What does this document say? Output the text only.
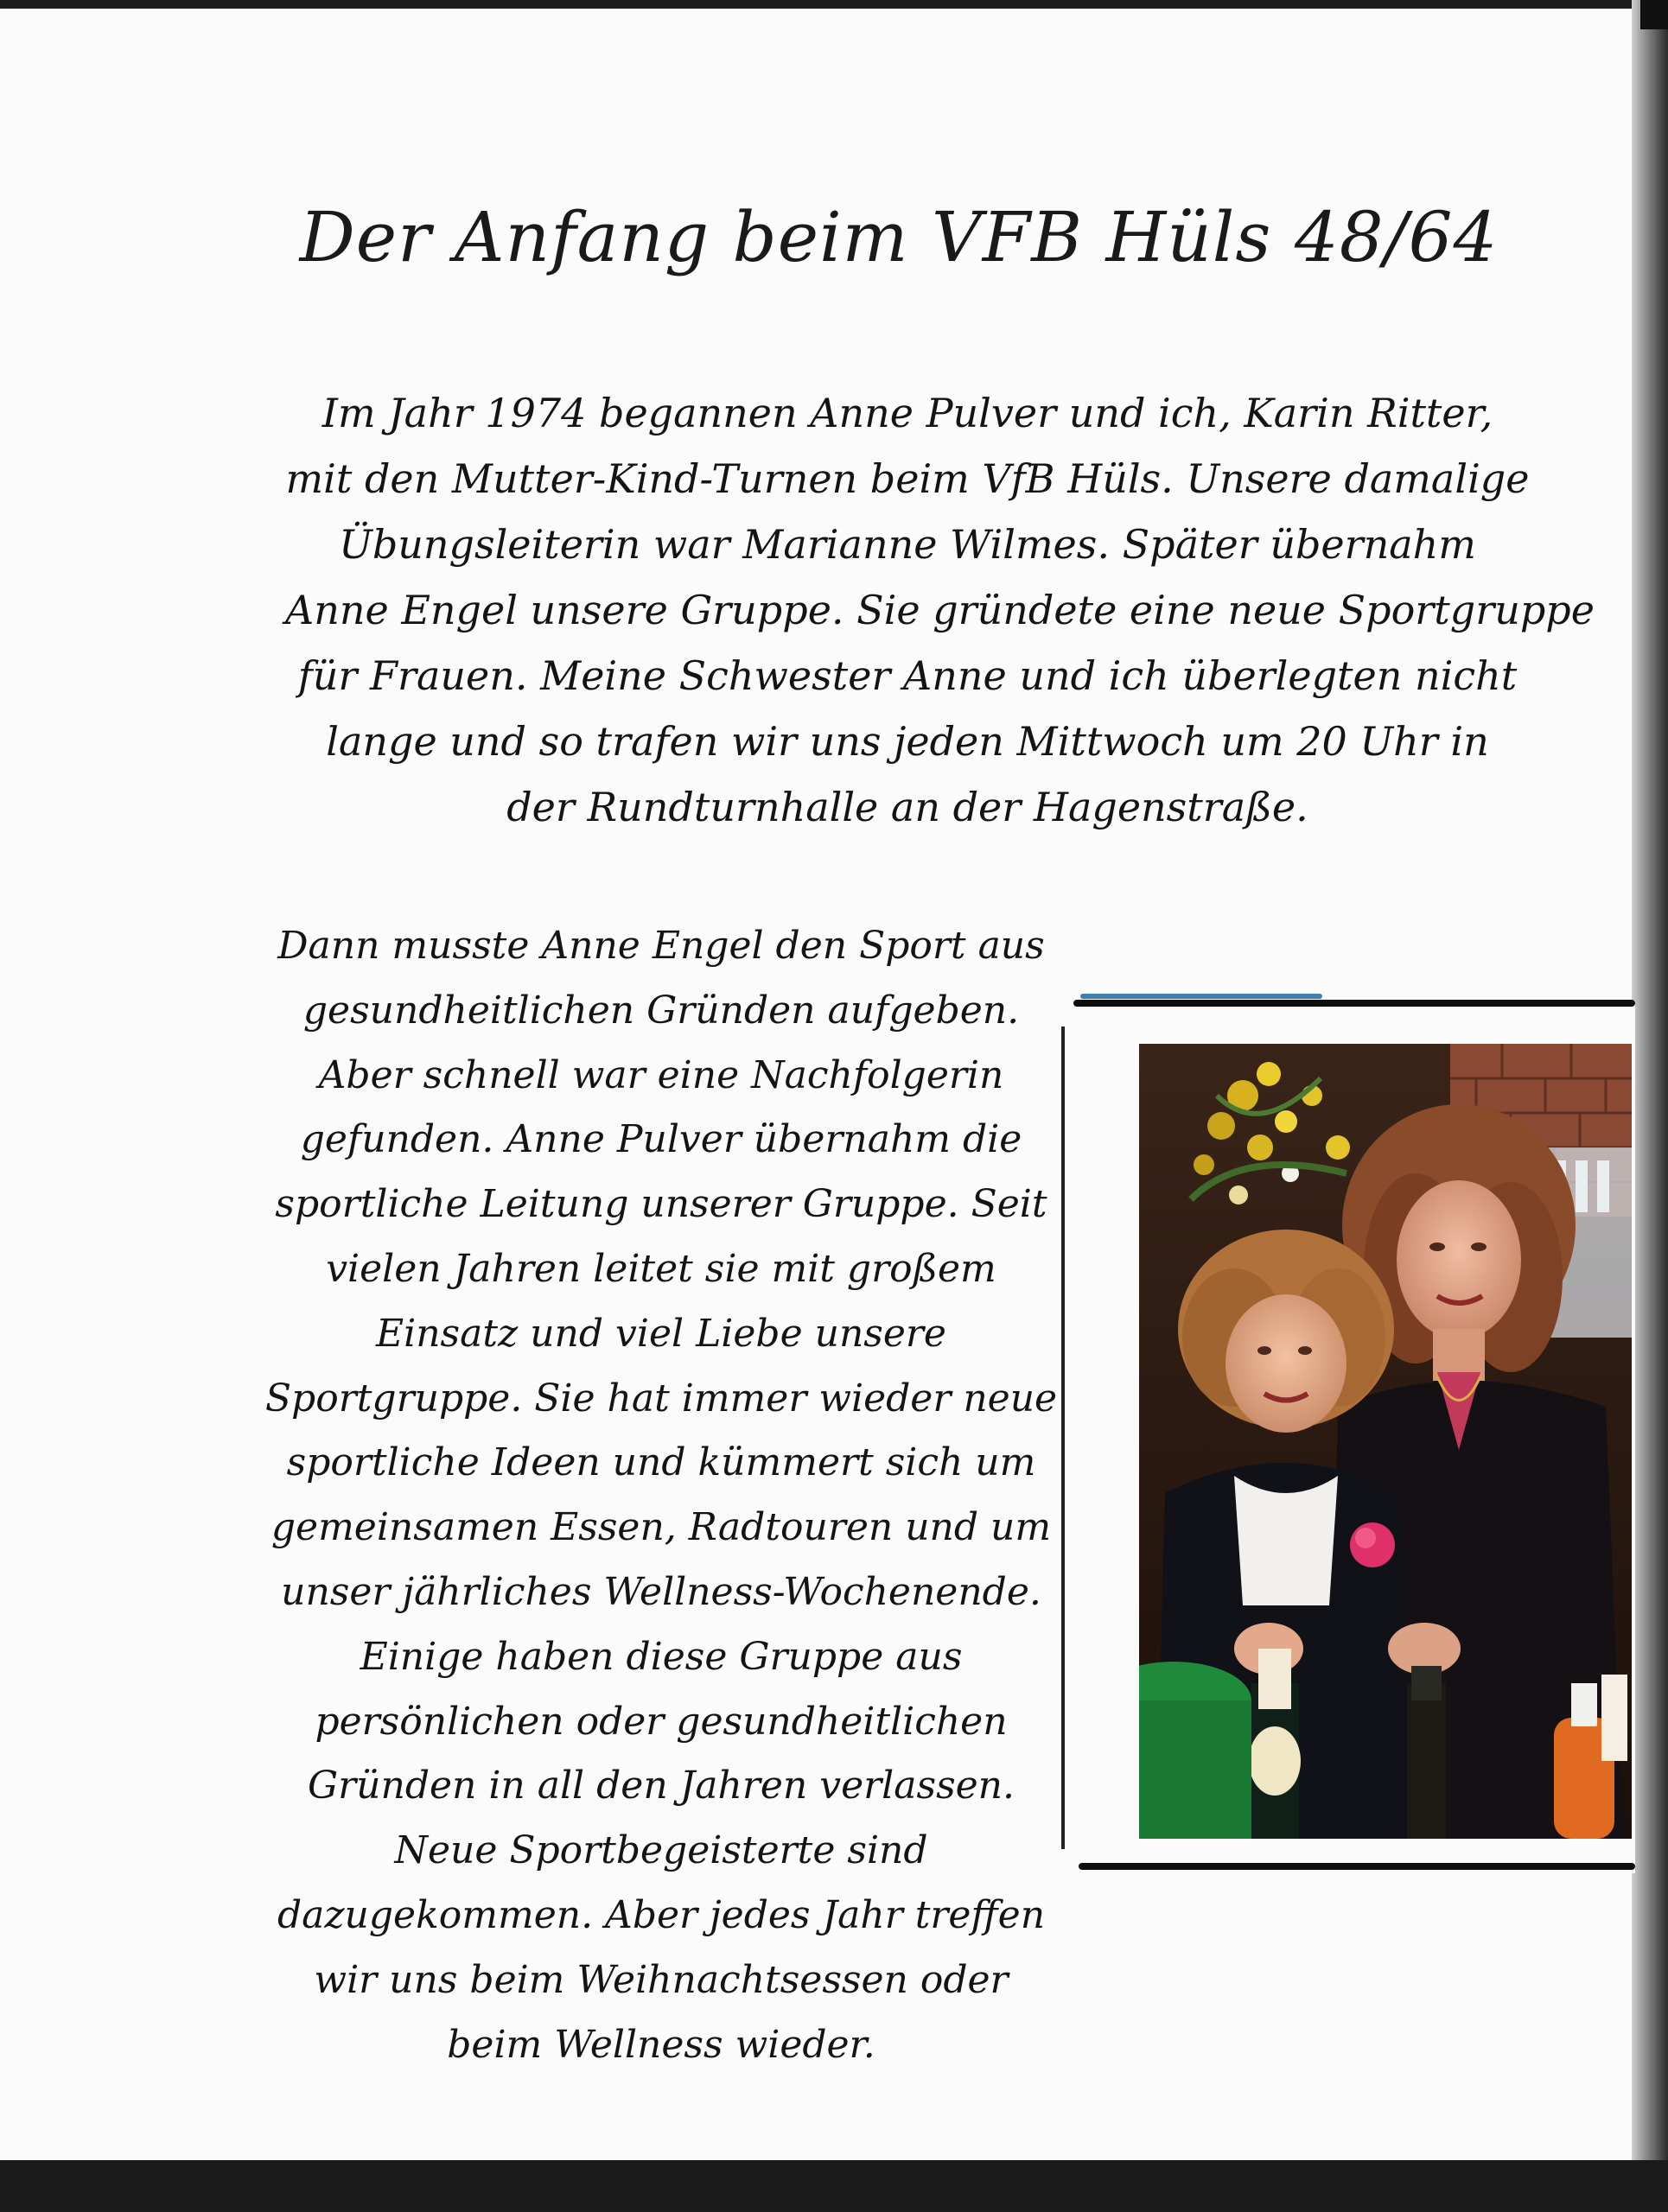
Der Anfang beim VFB Hüls 48/64
Im Jahr 1974 begannen Anne Pulver und ich, Karin Ritter,
mit den Mutter-Kind-Turnen beim VfB Hüls. Unsere damalige
Übungsleiterin war Marianne Wilmes. Später übernahm
Anne Engel unsere Gruppe. Sie gründete eine neue Sportgruppe
für Frauen. Meine Schwester Anne und ich überlegten nicht
lange und so trafen wir uns jeden Mittwoch um 20 Uhr in
der Rundturnhalle an der Hagenstraße.
Dann musste Anne Engel den Sport aus
gesundheitlichen Gründen aufgeben.
Aber schnell war eine Nachfolgerin
gefunden. Anne Pulver übernahm die
sportliche Leitung unserer Gruppe. Seit
vielen Jahren leitet sie mit großem
Einsatz und viel Liebe unsere
Sportgruppe. Sie hat immer wieder neue
sportliche Ideen und kümmert sich um
gemeinsamen Essen, Radtouren und um
unser jährliches Wellness-Wochenende.
Einige haben diese Gruppe aus
persönlichen oder gesundheitlichen
Gründen in all den Jahren verlassen.
Neue Sportbegeisterte sind
dazugekommen. Aber jedes Jahr treffen
wir uns beim Weihnachtsessen oder
beim Wellness wieder.
